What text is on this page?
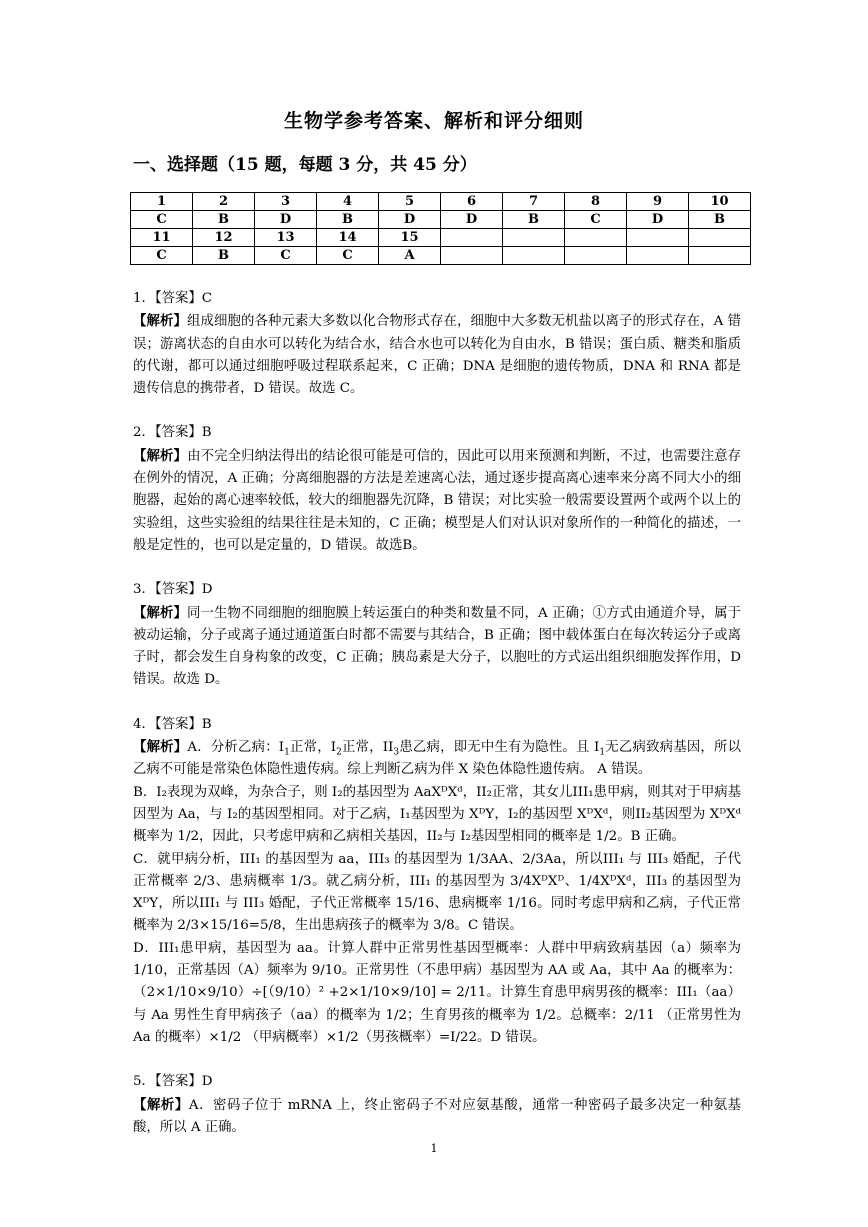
生物学参考答案、解析和评分细则
一、选择题（15 题，每题 3 分，共 45 分）
1	2	3	4	5	6	7	8	9	10
C	B	D	B	D	D	B	C	D	B
11	12	13	14	15					
C	B	C	C	A					

1．【答案】C

【解析】组成细胞的各种元素大多数以化合物形式存在，细胞中大多数无机盐以离子的形式存在，A 错误；游离状态的自由水可以转化为结合水，结合水也可以转化为自由水，B 错误；蛋白质、糖类和脂质的代谢，都可以通过细胞呼吸过程联系起来，C 正确；DNA 是细胞的遗传物质，DNA 和 RNA 都是遗传信息的携带者，D 错误。故选 C。

2．【答案】B

【解析】由不完全归纳法得出的结论很可能是可信的，因此可以用来预测和判断，不过，也需要注意存在例外的情况，A 正确；分离细胞器的方法是差速离心法，通过逐步提高离心速率来分离不同大小的细胞器，起始的离心速率较低，较大的细胞器先沉降，B 错误；对比实验一般需要设置两个或两个以上的实验组，这些实验组的结果往往是未知的，C 正确；模型是人们对认识对象所作的一种简化的描述，一般是定性的，也可以是定量的，D 错误。故选B。

3．【答案】D

【解析】同一生物不同细胞的细胞膜上转运蛋白的种类和数量不同，A 正确；①方式由通道介导，属于被动运输，分子或离子通过通道蛋白时都不需要与其结合，B 正确；图中载体蛋白在每次转运分子或离子时，都会发生自身构象的改变，C 正确；胰岛素是大分子，以胞吐的方式运出组织细胞发挥作用，D 错误。故选 D。

4．【答案】B

【解析】A．分析乙病：$I_1$正常，$I_2$正常，$II_3$患乙病，即无中生有为隐性。且 $I_1$无乙病致病基因，所以乙病不可能是常染色体隐性遗传病。综上判断乙病为伴 X 染色体隐性遗传病。 A 错误。

B．I₂表现为双峰，为杂合子，则 I₂的基因型为 AaXᴰXᵈ，II₂正常，其女儿III₁患甲病，则其对于甲病基因型为 Aa，与 I₂的基因型相同。对于乙病，I₁基因型为 XᴰY，I₂的基因型 XᴰXᵈ，则II₂基因型为 XᴰXᵈ概率为 1/2，因此，只考虑甲病和乙病相关基因，II₂与 I₂基因型相同的概率是 1/2。B 正确。

C．就甲病分析，III₁ 的基因型为 aa，III₃ 的基因型为 1/3AA、2/3Aa，所以III₁ 与 III₃ 婚配，子代正常概率 2/3、患病概率 1/3。就乙病分析，III₁ 的基因型为 3/4XᴰXᴰ、1/4XᴰXᵈ，III₃ 的基因型为 XᴰY，所以III₁ 与 III₃ 婚配，子代正常概率 15/16、患病概率 1/16。同时考虑甲病和乙病，子代正常概率为 2/3×15/16=5/8，生出患病孩子的概率为 3/8。C 错误。

D．III₁患甲病，基因型为 aa。计算人群中正常男性基因型概率：人群中甲病致病基因（a）频率为 1/10，正常基因（A）频率为 9/10。正常男性（不患甲病）基因型为 AA 或 Aa，其中 Aa 的概率为：（2×1/10×9/10）÷[（9/10）² +2×1/10×9/10] = 2/11。计算生育患甲病男孩的概率：III₁（aa）与 Aa 男性生育甲病孩子（aa）的概率为 1/2；生育男孩的概率为 1/2。总概率：2/11 （正常男性为 Aa 的概率）×1/2 （甲病概率）×1/2（男孩概率）=I/22。D 错误。

5．【答案】D

【解析】A．密码子位于 mRNA 上，终止密码子不对应氨基酸，通常一种密码子最多决定一种氨基酸，所以 A 正确。

1
